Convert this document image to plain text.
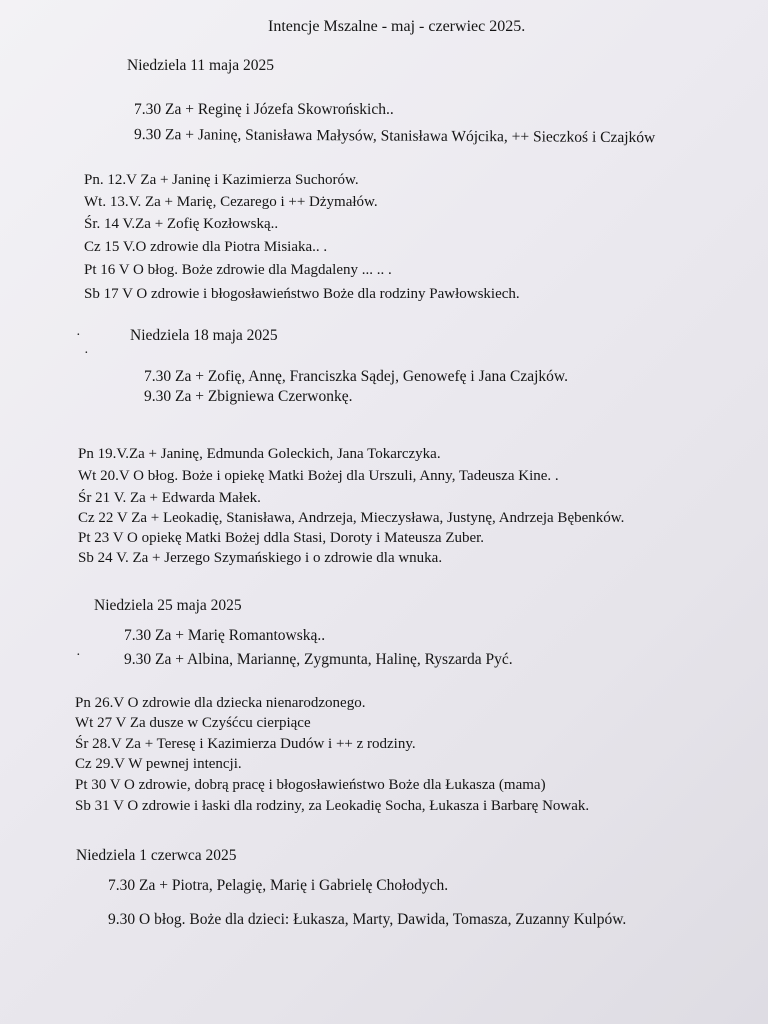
Intencje Mszalne - maj - czerwiec 2025.
Niedziela 11 maja 2025
7.30 Za + Reginę i Józefa Skowrońskich..
9.30 Za + Janinę, Stanisława Małysów, Stanisława Wójcika, ++ Sieczkoś i Czajków
Pn. 12.V Za + Janinę i Kazimierza Suchorów.
Wt. 13.V. Za + Marię, Cezarego i ++ Dżymałów.
Śr. 14 V.Za + Zofię Kozłowską..
Cz 15 V.O zdrowie dla Piotra Misiaka.. .
Pt 16 V O błog. Boże zdrowie dla Magdaleny ... .. .
Sb 17 V O zdrowie i błogosławieństwo Boże dla rodziny Pawłowskiech.
·
·
Niedziela 18 maja 2025
7.30 Za + Zofię, Annę, Franciszka Sądej, Genowefę i Jana Czajków.
9.30 Za + Zbigniewa Czerwonkę.
Pn 19.V.Za + Janinę, Edmunda Goleckich, Jana Tokarczyka.
Wt 20.V O błog. Boże i opiekę Matki Bożej dla Urszuli, Anny, Tadeusza Kine. .
Śr 21 V. Za + Edwarda Małek.
Cz 22 V Za + Leokadię, Stanisława, Andrzeja, Mieczysława, Justynę, Andrzeja Bębenków.
Pt 23 V O opiekę Matki Bożej ddla Stasi, Doroty i Mateusza Zuber.
Sb 24 V. Za + Jerzego Szymańskiego i o zdrowie dla wnuka.
Niedziela 25 maja 2025
7.30 Za + Marię Romantowską..
·	9.30 Za + Albina, Mariannę, Zygmunta, Halinę, Ryszarda Pyć.
Pn 26.V O zdrowie dla dziecka nienarodzonego.
Wt 27 V Za dusze w Czyśćcu cierpiące
Śr 28.V Za + Teresę i Kazimierza Dudów i ++ z rodziny.
Cz 29.V W pewnej intencji.
Pt 30 V O zdrowie, dobrą pracę i błogosławieństwo Boże dla Łukasza (mama)
Sb 31 V O zdrowie i łaski dla rodziny, za Leokadię Socha, Łukasza i Barbarę Nowak.
Niedziela 1 czerwca 2025
7.30 Za + Piotra, Pelagię, Marię i Gabrielę Chołodych.
9.30 O błog. Boże dla dzieci: Łukasza, Marty, Dawida, Tomasza, Zuzanny Kulpów.
